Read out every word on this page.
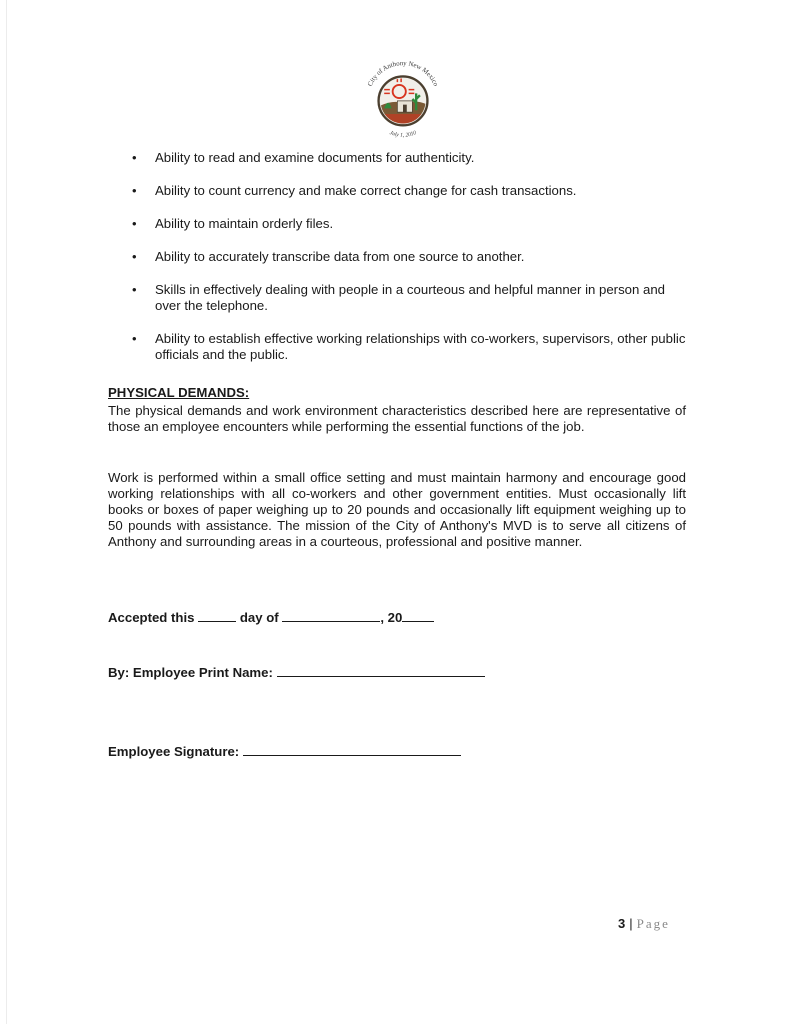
City of Anthony New Mexico
July 1, 2010
• Ability to read and examine documents for authenticity.
• Ability to count currency and make correct change for cash transactions.
• Ability to maintain orderly files.
• Ability to accurately transcribe data from one source to another.
• Skills in effectively dealing with people in a courteous and helpful manner in person and over the telephone.
• Ability to establish effective working relationships with co-workers, supervisors, other public officials and the public.

PHYSICAL DEMANDS:

The physical demands and work environment characteristics described here are representative of those an employee encounters while performing the essential functions of the job.

Work is performed within a small office setting and must maintain harmony and encourage good working relationships with all co-workers and other government entities. Must occasionally lift books or boxes of paper weighing up to 20 pounds and occasionally lift equipment weighing up to 50 pounds with assistance. The mission of the City of Anthony's MVD is to serve all citizens of Anthony and surrounding areas in a courteous, professional and positive manner.

Accepted this	day of	, 20
By: Employee Print Name:
Employee Signature:
3 | Page
